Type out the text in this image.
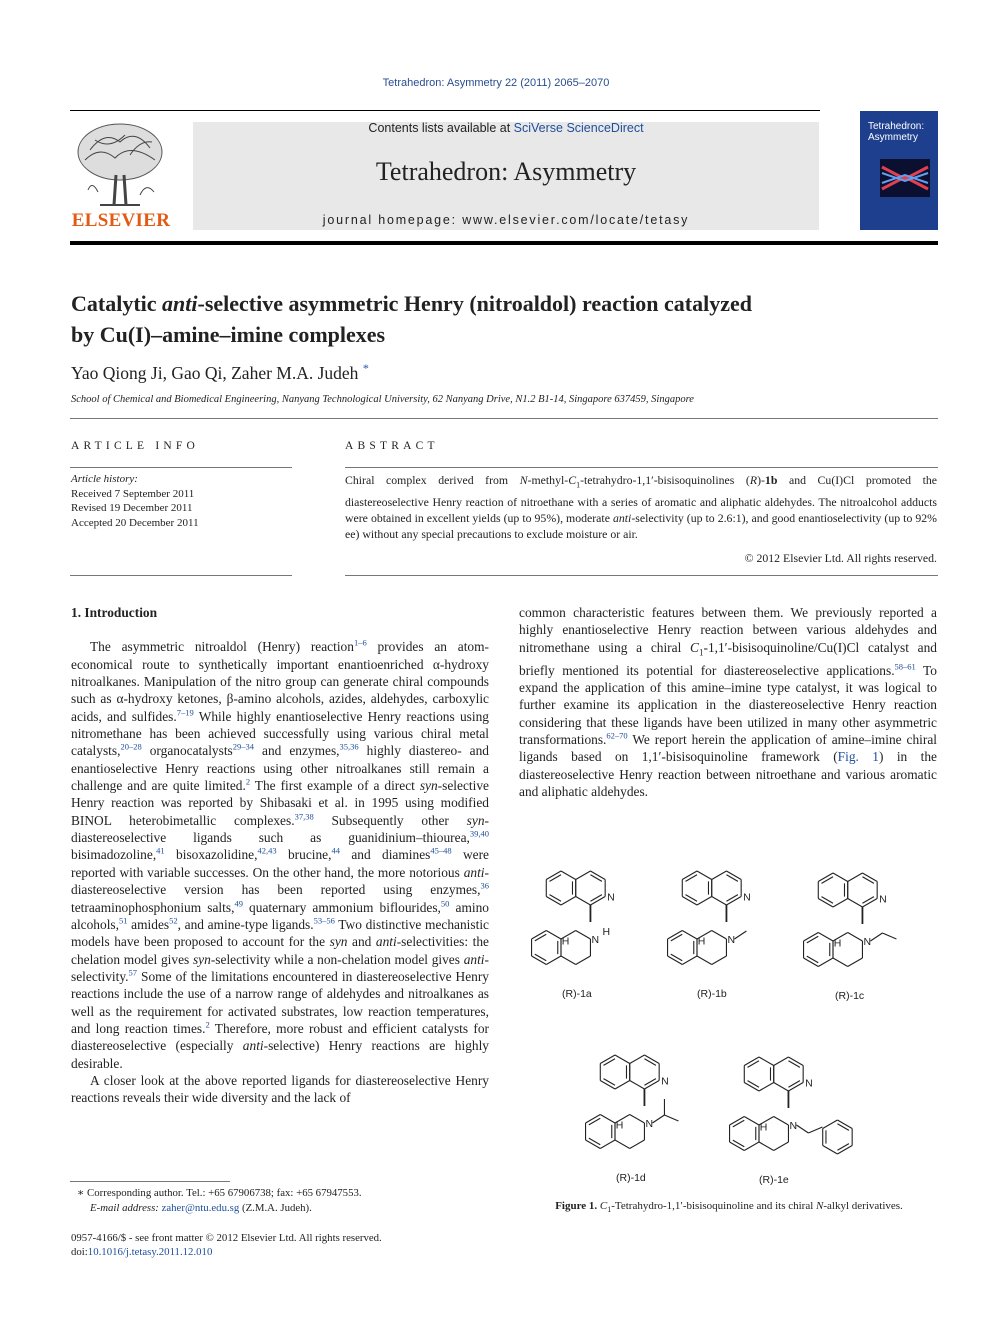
Tetrahedron: Asymmetry 22 (2011) 2065–2070
ELSEVIER
Contents lists available at SciVerse ScienceDirect
Tetrahedron: Asymmetry
journal homepage: www.elsevier.com/locate/tetasy
Tetrahedron: Asymmetry
Catalytic anti-selective asymmetric Henry (nitroaldol) reaction catalyzed
by Cu(I)–amine–imine complexes
Yao Qiong Ji, Gao Qi, Zaher M.A. Judeh *
School of Chemical and Biomedical Engineering, Nanyang Technological University, 62 Nanyang Drive, N1.2 B1-14, Singapore 637459, Singapore
ARTICLE INFO
Article history:
Received 7 September 2011
Revised 19 December 2011
Accepted 20 December 2011
ABSTRACT
Chiral complex derived from $N-methyl-C_1-tetrahydro-1,1'$-bisisoquinolines (R)-1b and Cu(I)Cl promoted the diastereoselective Henry reaction of nitroethane with a series of aromatic and aliphatic aldehydes. The nitroalcohol adducts were obtained in excellent yields (up to 95%), moderate anti-selectivity (up to 2.6:1), and good enantioselectivity (up to 92% ee) without any special precautions to exclude moisture or air.
© 2012 Elsevier Ltd. All rights reserved.

1. Introduction

The asymmetric nitroaldol (Henry) reaction$^{1-6}$ provides an atom-economical route to synthetically important enantioenriched α-hydroxy nitroalkanes. Manipulation of the nitro group can generate chiral compounds such as α-hydroxy ketones, β-amino alcohols, azides, aldehydes, carboxylic acids, and sulfides.$^{7-19}$ While highly enantioselective Henry reactions using nitromethane has been achieved successfully using various chiral metal catalysts,$^{20-28}$ organocatalysts$^{29-34}$ and enzymes,$^{35,36}$ highly diastereo- and enantioselective Henry reactions using other nitroalkanes still remain a challenge and are quite limited.$^2$ The first example of a direct syn-selective Henry reaction was reported by Shibasaki et al. in 1995 using modified BINOL heterobimetallic complexes.$^{37,38}$ Subsequently other syn-diastereoselective ligands such as guanidinium–thiourea,$^{39,40}$ bisimadozoline,$^{41}$ bisoxazolidine,$^{42,43}$ brucine,$^{44}$ and diamines$^{45-48}$ were reported with variable successes. On the other hand, the more notorious anti-diastereoselective version has been reported using enzymes,$^{36}$ tetraaminophosphonium salts,$^{49}$ quaternary ammonium biflourides,$^{50}$ amino alcohols,$^{51}$ amides$^{52}$, and amine-type ligands.$^{53-56}$ Two distinctive mechanistic models have been proposed to account for the syn and anti-selectivities: the chelation model gives syn-selectivity while a non-chelation model gives anti-selectivity.$^{57}$ Some of the limitations encountered in diastereoselective Henry reactions include the use of a narrow range of aldehydes and nitroalkanes as well as the requirement for activated substrates, low reaction temperatures, and long reaction times.$^2$ Therefore, more robust and efficient catalysts for diastereoselective (especially anti-selective) Henry reactions are highly desirable.

A closer look at the above reported ligands for diastereoselective Henry reactions reveals their wide diversity and the lack of

common characteristic features between them. We previously reported a highly enantioselective Henry reaction between various aldehydes and nitromethane using a chiral $C_1-1,1'-bisisoquinoline/Cu(I)Cl$ catalyst and briefly mentioned its potential for diastereoselective applications.$^{58-61}$ To expand the application of this amine–imine type catalyst, it was logical to further examine its application in the diastereoselective Henry reaction considering that these ligands have been utilized in many other asymmetric transformations.$^{62-70}$ We report herein the application of amine–imine chiral ligands based on 1,1′-bisisoquinoline framework (Fig. 1) in the diastereoselective Henry reaction between nitroethane and various aromatic and aliphatic aldehydes.

N
N
H
H
N
N
H
N
N
H
N
N
H
N
N
H
(R)-1a	(R)-1b	(R)-1c
(R)-1d	(R)-1e
Figure 1. $C_1-Tetrahydro-1,1'$-bisisoquinoline and its chiral N-alkyl derivatives.
∗ Corresponding author. Tel.: +65 67906738; fax: +65 67947553.
E-mail address: zaher@ntu.edu.sg (Z.M.A. Judeh).
0957-4166/$ - see front matter © 2012 Elsevier Ltd. All rights reserved.
doi:10.1016/j.tetasy.2011.12.010
